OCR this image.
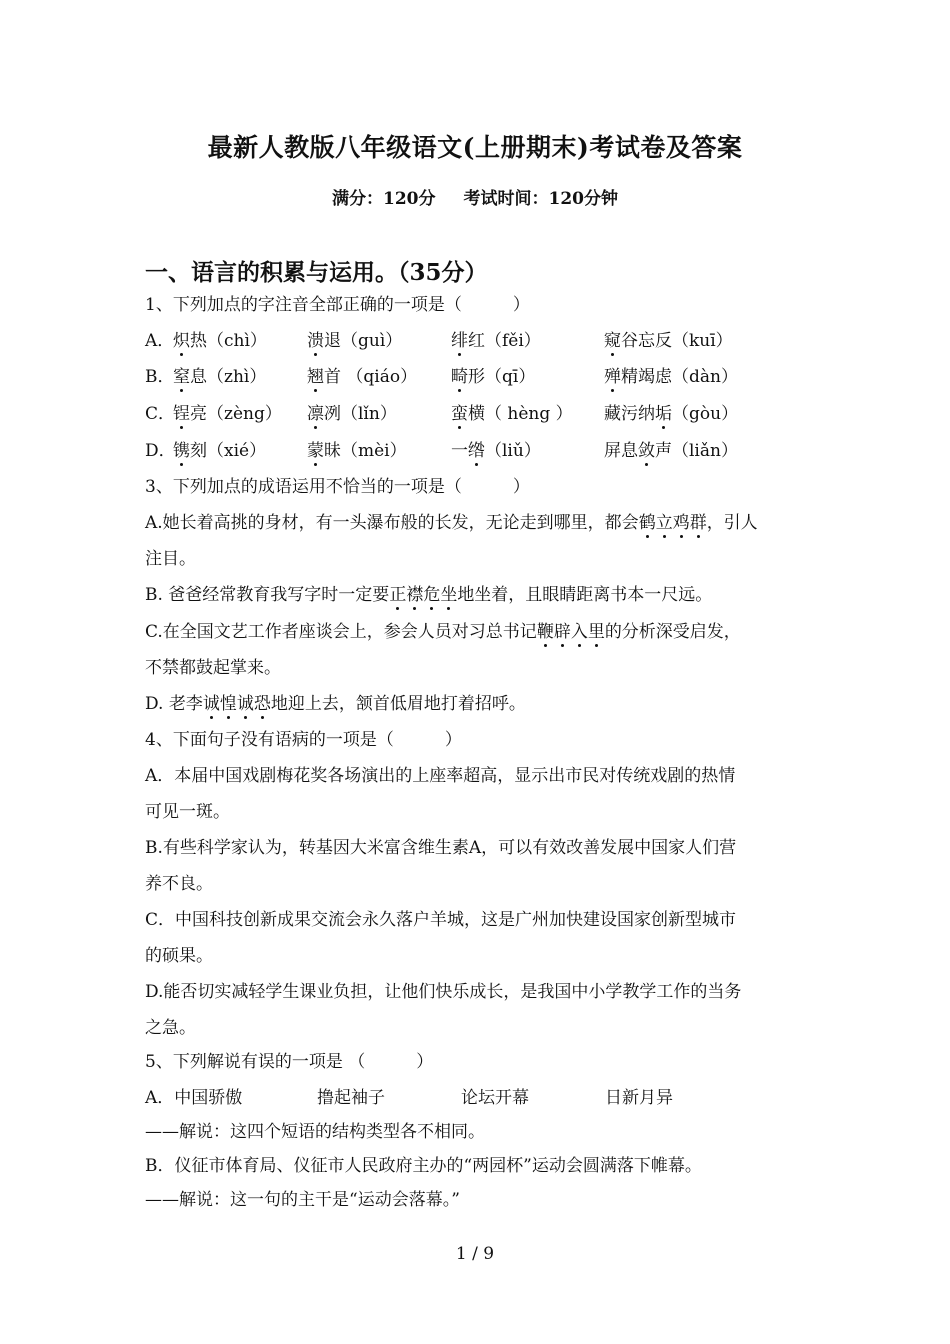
最新人教版八年级语文(上册期末)考试卷及答案
满分：120分 考试时间：120分钟
一、语言的积累与运用。（35分）
1、下列加点的字注音全部正确的一项是（　　　）
A．
炽热（chì） 溃退（guì）	绯红（fěi）	窥谷忘反（kuī）
B．
窒息（zhì） 翘首 （qiáo） 畸形（qī）	殚精竭虑（dàn）
C．
锃亮（zèng） 凛冽（lǐn）	蛮横（ hèng ） 藏污纳垢（gòu）
D．
镌刻（xié） 蒙昧（mèi）	一绺（liǔ）	屏息敛声（liǎn）
3、下列加点的成语运用不恰当的一项是（　　　）
A.她长着高挑的身材，有一头瀑布般的长发，无论走到哪里，都会鹤立鸡群，引人
注目。
B. 爸爸经常教育我写字时一定要正襟危坐地坐着，且眼睛距离书本一尺远。
C.在全国文艺工作者座谈会上，参会人员对习总书记鞭辟入里的分析深受启发，
不禁都鼓起掌来。
D. 老李诚惶诚恐地迎上去，颔首低眉地打着招呼。
4、下面句子没有语病的一项是（　　　）
A．本届中国戏剧梅花奖各场演出的上座率超高，显示出市民对传统戏剧的热情
可见一斑。
B.有些科学家认为，转基因大米富含维生素A，可以有效改善发展中国家人们营
养不良。
C．中国科技创新成果交流会永久落户羊城，这是广州加快建设国家创新型城市
的硕果。
D.能否切实减轻学生课业负担，让他们快乐成长，是我国中小学教学工作的当务
之急。
5、下列解说有误的一项是 （　　　）
A．中国骄傲	撸起袖子	论坛开幕	日新月异
——解说：这四个短语的结构类型各不相同。
B．仪征市体育局、仪征市人民政府主办的“两园杯”运动会圆满落下帷幕。
——解说：这一句的主干是“运动会落幕。”
1 / 9
